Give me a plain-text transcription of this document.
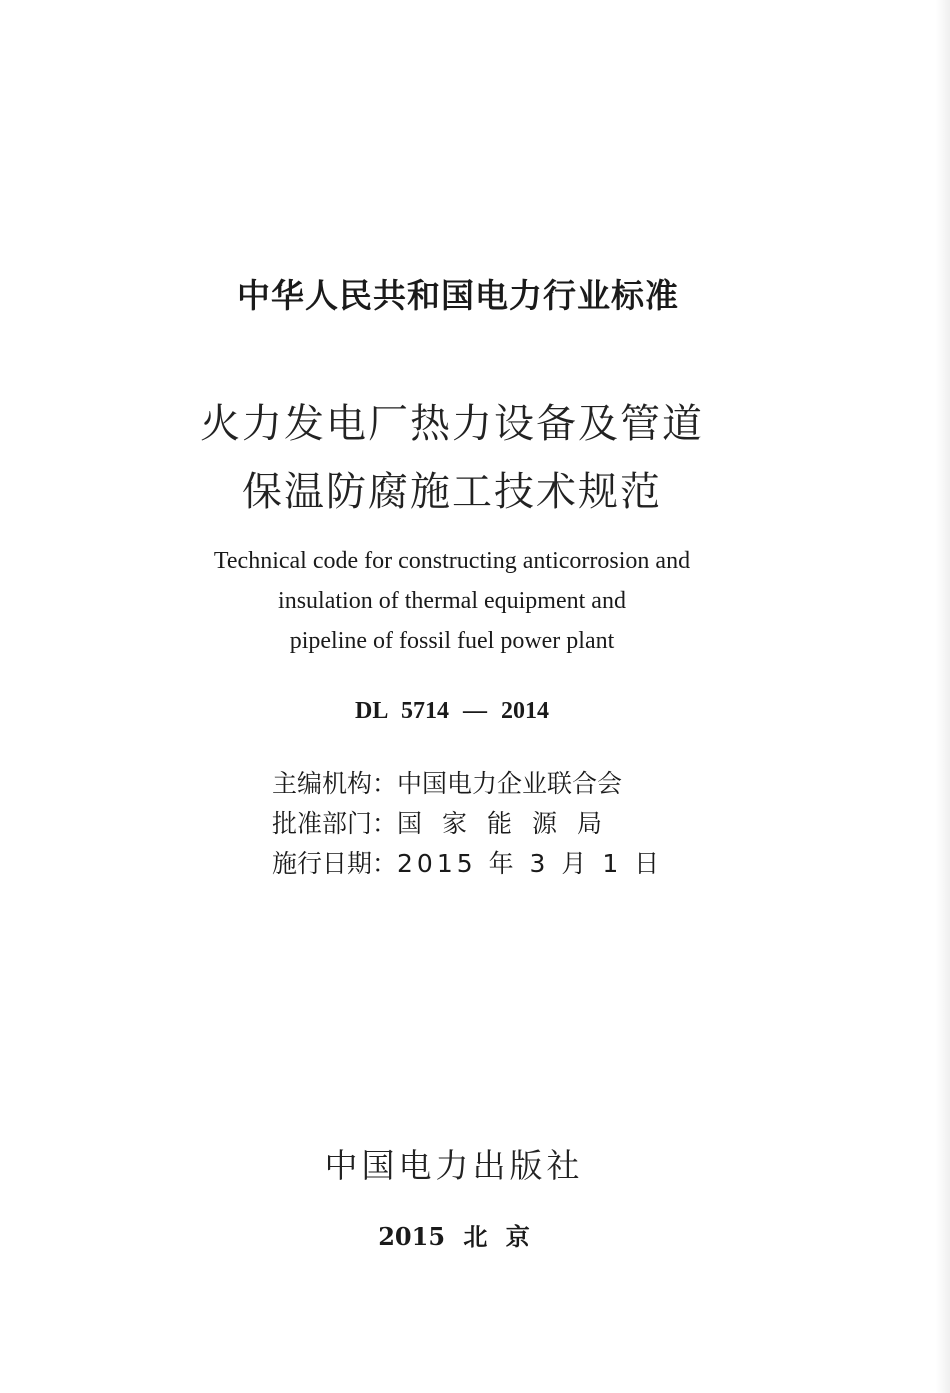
中华人民共和国电力行业标准
火力发电厂热力设备及管道
保温防腐施工技术规范
Technical code for constructing anticorrosion and
insulation of thermal equipment and
pipeline of fossil fuel power plant
DL 5714 — 2014
主编机构：中国电力企业联合会
批准部门：国家能源局
施行日期：2015 年 3 月 1 日
中国电力出版社
2015 北 京
